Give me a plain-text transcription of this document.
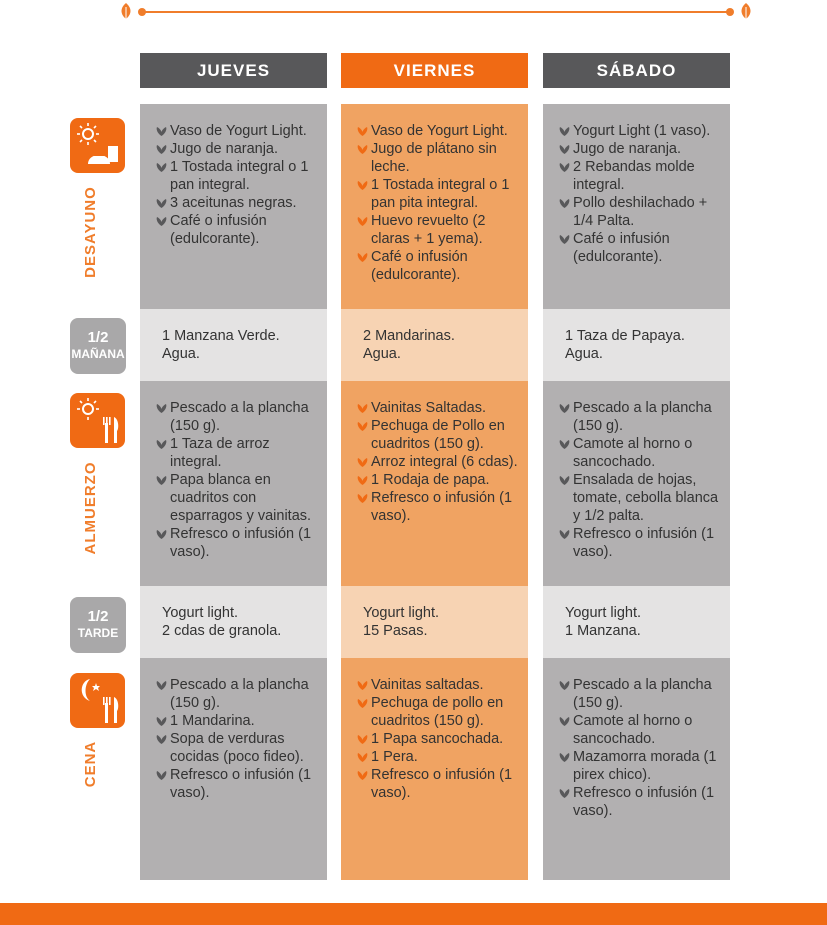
JUEVES	VIERNES	SÁBADO
DESAYUNO
Vaso de Yogurt Light.
Jugo de naranja.
1 Tostada integral o 1 pan integral.
3 aceitunas negras.
Café o infusión (edulcorante).
Vaso de Yogurt Light.
Jugo de plátano sin leche.
1 Tostada integral o 1 pan pita integral.
Huevo revuelto (2 claras + 1 yema).
Café o infusión (edulcorante).
Yogurt Light (1 vaso).
Jugo de naranja.
2 Rebandas molde integral.
Pollo deshilachado + 1/4 Palta.
Café o infusión (edulcorante).
1/2
MAÑANA
1 Manzana Verde.
Agua.
2 Mandarinas.
Agua.
1 Taza de Papaya.
Agua.
ALMUERZO
Pescado a la plancha (150 g).
1 Taza de arroz integral.
Papa blanca en cuadritos con esparragos y vainitas.
Refresco o infusión (1 vaso).
Vainitas Saltadas.
Pechuga de Pollo en cuadritos (150 g).
Arroz integral (6 cdas).
1 Rodaja de papa.
Refresco o infusión (1 vaso).
Pescado a la plancha (150 g).
Camote al horno o sancochado.
Ensalada de hojas, tomate, cebolla blanca y 1/2 palta.
Refresco o infusión (1 vaso).
1/2
TARDE
Yogurt light.
2 cdas de granola.
Yogurt light.
15 Pasas.
Yogurt light.
1 Manzana.
CENA
Pescado a la plancha (150 g).
1 Mandarina.
Sopa de verduras cocidas (poco fideo).
Refresco o infusión (1 vaso).
Vainitas saltadas.
Pechuga de pollo en cuadritos (150 g).
1 Papa sancochada.
1 Pera.
Refresco o infusión (1 vaso).
Pescado a la plancha (150 g).
Camote al horno o sancochado.
Mazamorra morada (1 pirex chico).
Refresco o infusión (1 vaso).
